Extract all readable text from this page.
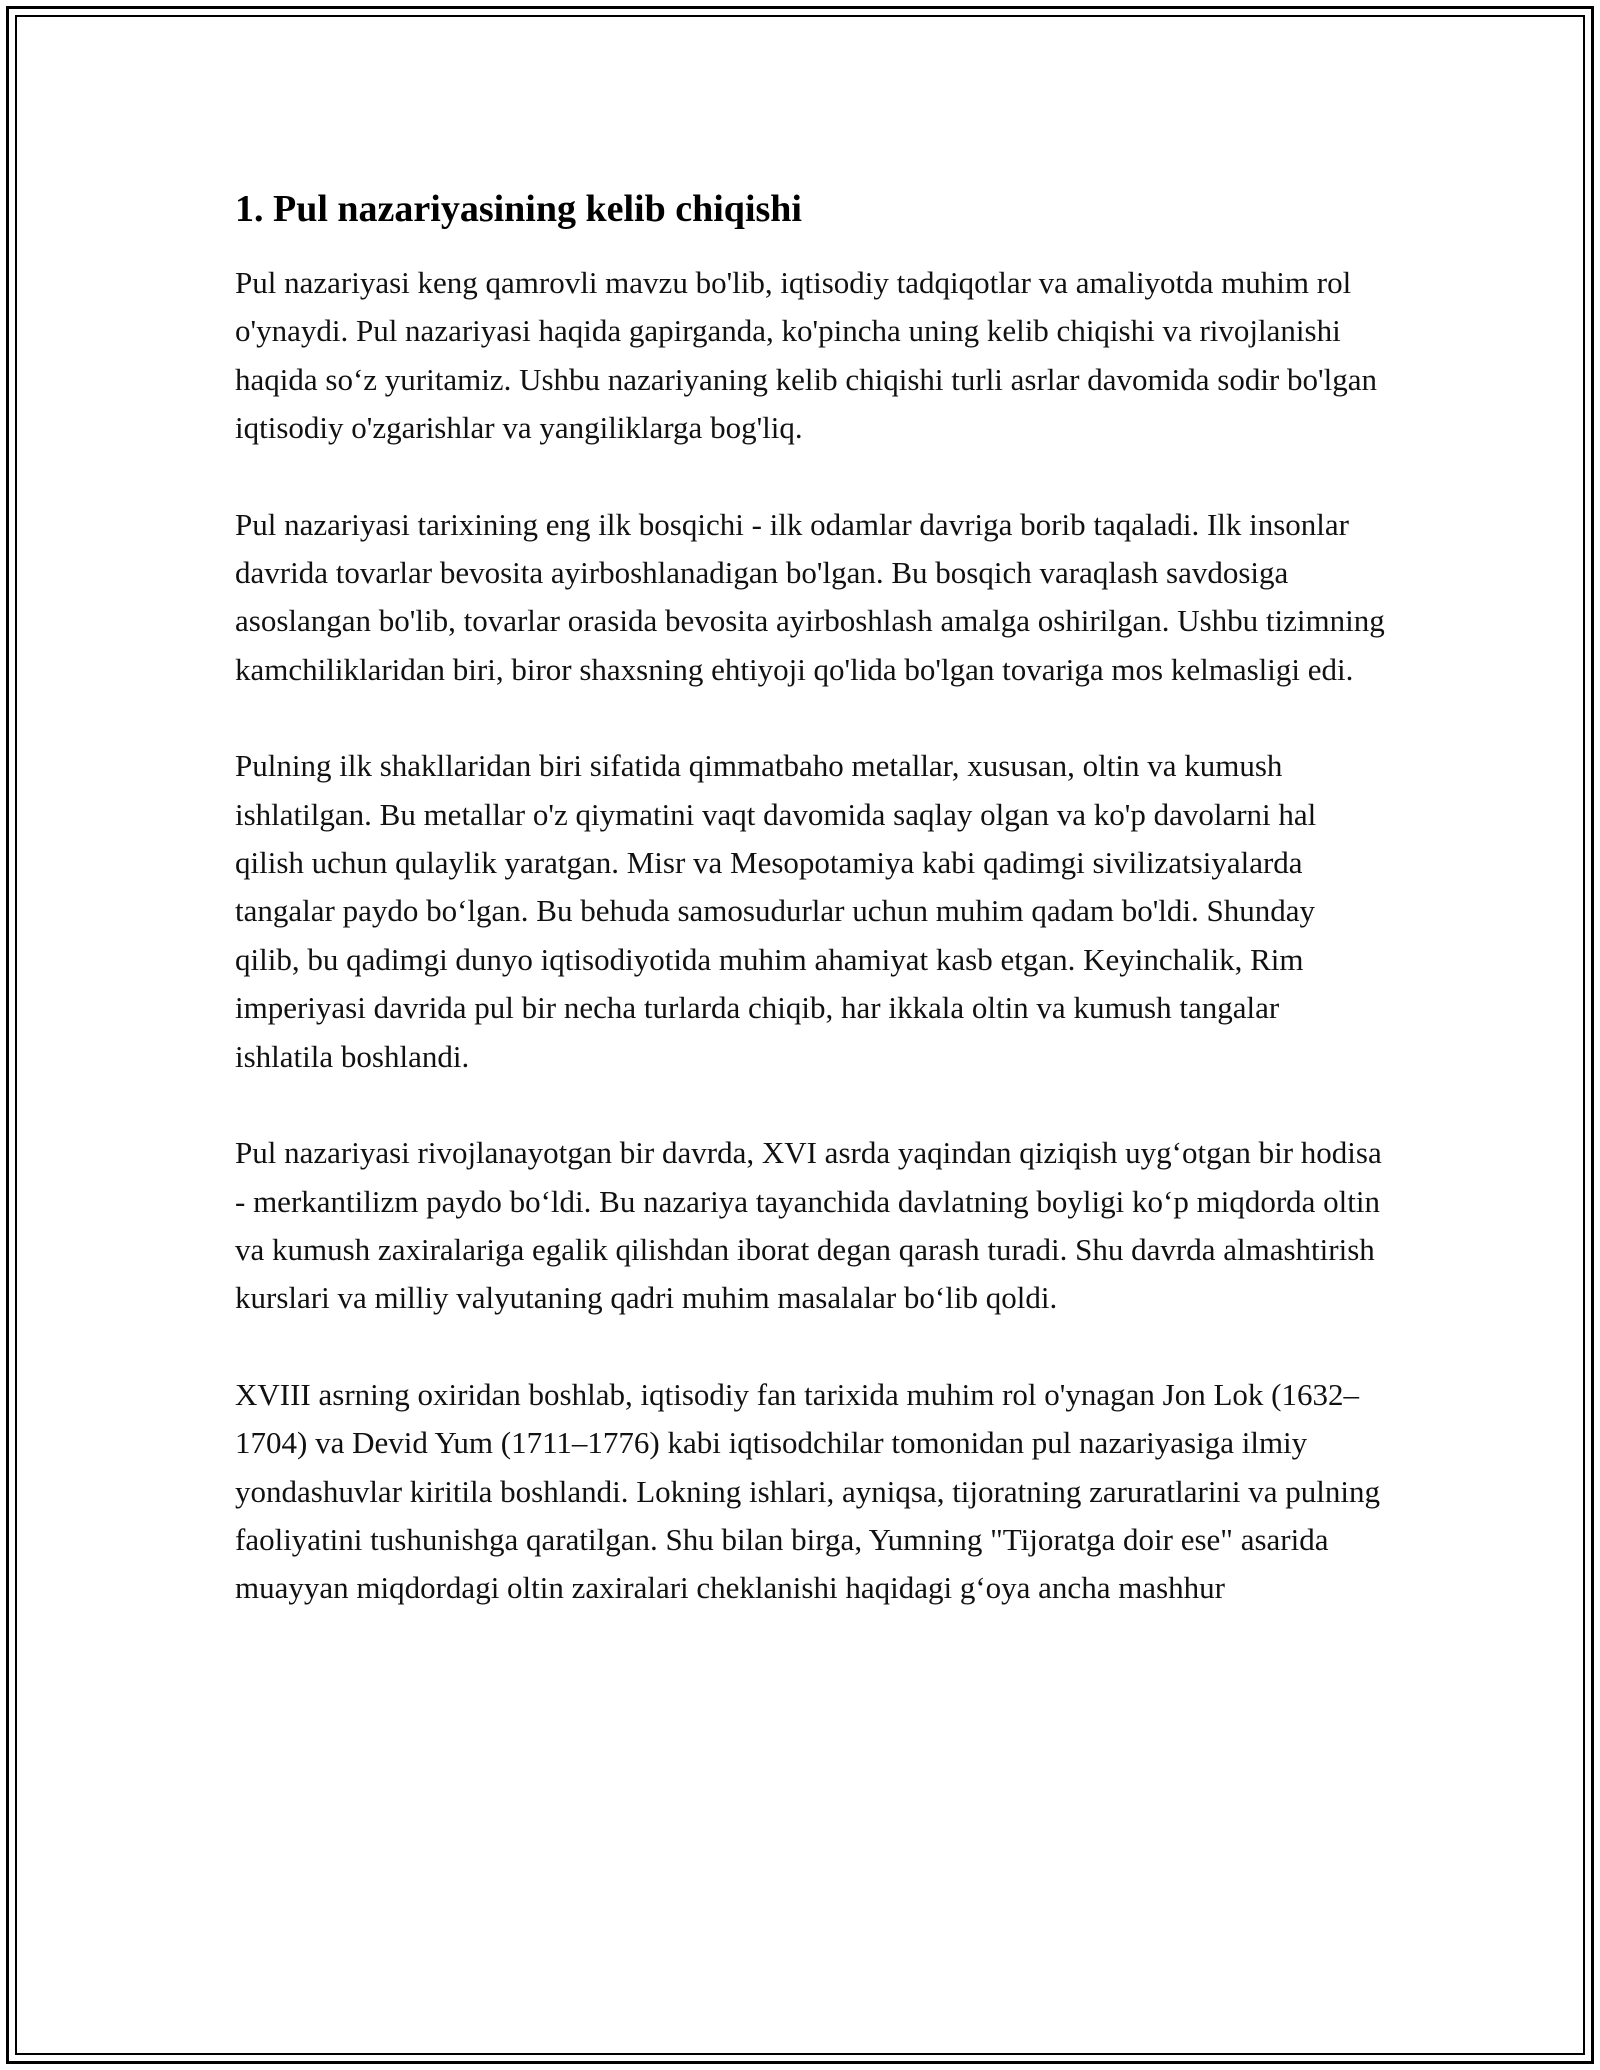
1. Pul nazariyasining kelib chiqishi

Pul nazariyasi keng qamrovli mavzu bo'lib, iqtisodiy tadqiqotlar va amaliyotda muhim rol o'ynaydi. Pul nazariyasi haqida gapirganda, ko'pincha uning kelib chiqishi va rivojlanishi haqida so‘z yuritamiz. Ushbu nazariyaning kelib chiqishi turli asrlar davomida sodir bo'lgan iqtisodiy o'zgarishlar va yangiliklarga bog'liq.

Pul nazariyasi tarixining eng ilk bosqichi - ilk odamlar davriga borib taqaladi. Ilk insonlar davrida tovarlar bevosita ayirboshlanadigan bo'lgan. Bu bosqich varaqlash savdosiga asoslangan bo'lib, tovarlar orasida bevosita ayirboshlash amalga oshirilgan. Ushbu tizimning kamchiliklaridan biri, biror shaxsning ehtiyoji qo'lida bo'lgan tovariga mos kelmasligi edi.

Pulning ilk shakllaridan biri sifatida qimmatbaho metallar, xususan, oltin va kumush ishlatilgan. Bu metallar o'z qiymatini vaqt davomida saqlay olgan va ko'p davolarni hal qilish uchun qulaylik yaratgan. Misr va Mesopotamiya kabi qadimgi sivilizatsiyalarda tangalar paydo bo‘lgan. Bu behuda samosudurlar uchun muhim qadam bo'ldi. Shunday qilib, bu qadimgi dunyo iqtisodiyotida muhim ahamiyat kasb etgan. Keyinchalik, Rim imperiyasi davrida pul bir necha turlarda chiqib, har ikkala oltin va kumush tangalar ishlatila boshlandi.

Pul nazariyasi rivojlanayotgan bir davrda, XVI asrda yaqindan qiziqish uyg‘otgan bir hodisa - merkantilizm paydo bo‘ldi. Bu nazariya tayanchida davlatning boyligi ko‘p miqdorda oltin va kumush zaxiralariga egalik qilishdan iborat degan qarash turadi. Shu davrda almashtirish kurslari va milliy valyutaning qadri muhim masalalar bo‘lib qoldi.

XVIII asrning oxiridan boshlab, iqtisodiy fan tarixida muhim rol o'ynagan Jon Lok (1632–1704) va Devid Yum (1711–1776) kabi iqtisodchilar tomonidan pul nazariyasiga ilmiy yondashuvlar kiritila boshlandi. Lokning ishlari, ayniqsa, tijoratning zaruratlarini va pulning faoliyatini tushunishga qaratilgan. Shu bilan birga, Yumning "Tijoratga doir ese" asarida muayyan miqdordagi oltin zaxiralari cheklanishi haqidagi g‘oya ancha mashhur
